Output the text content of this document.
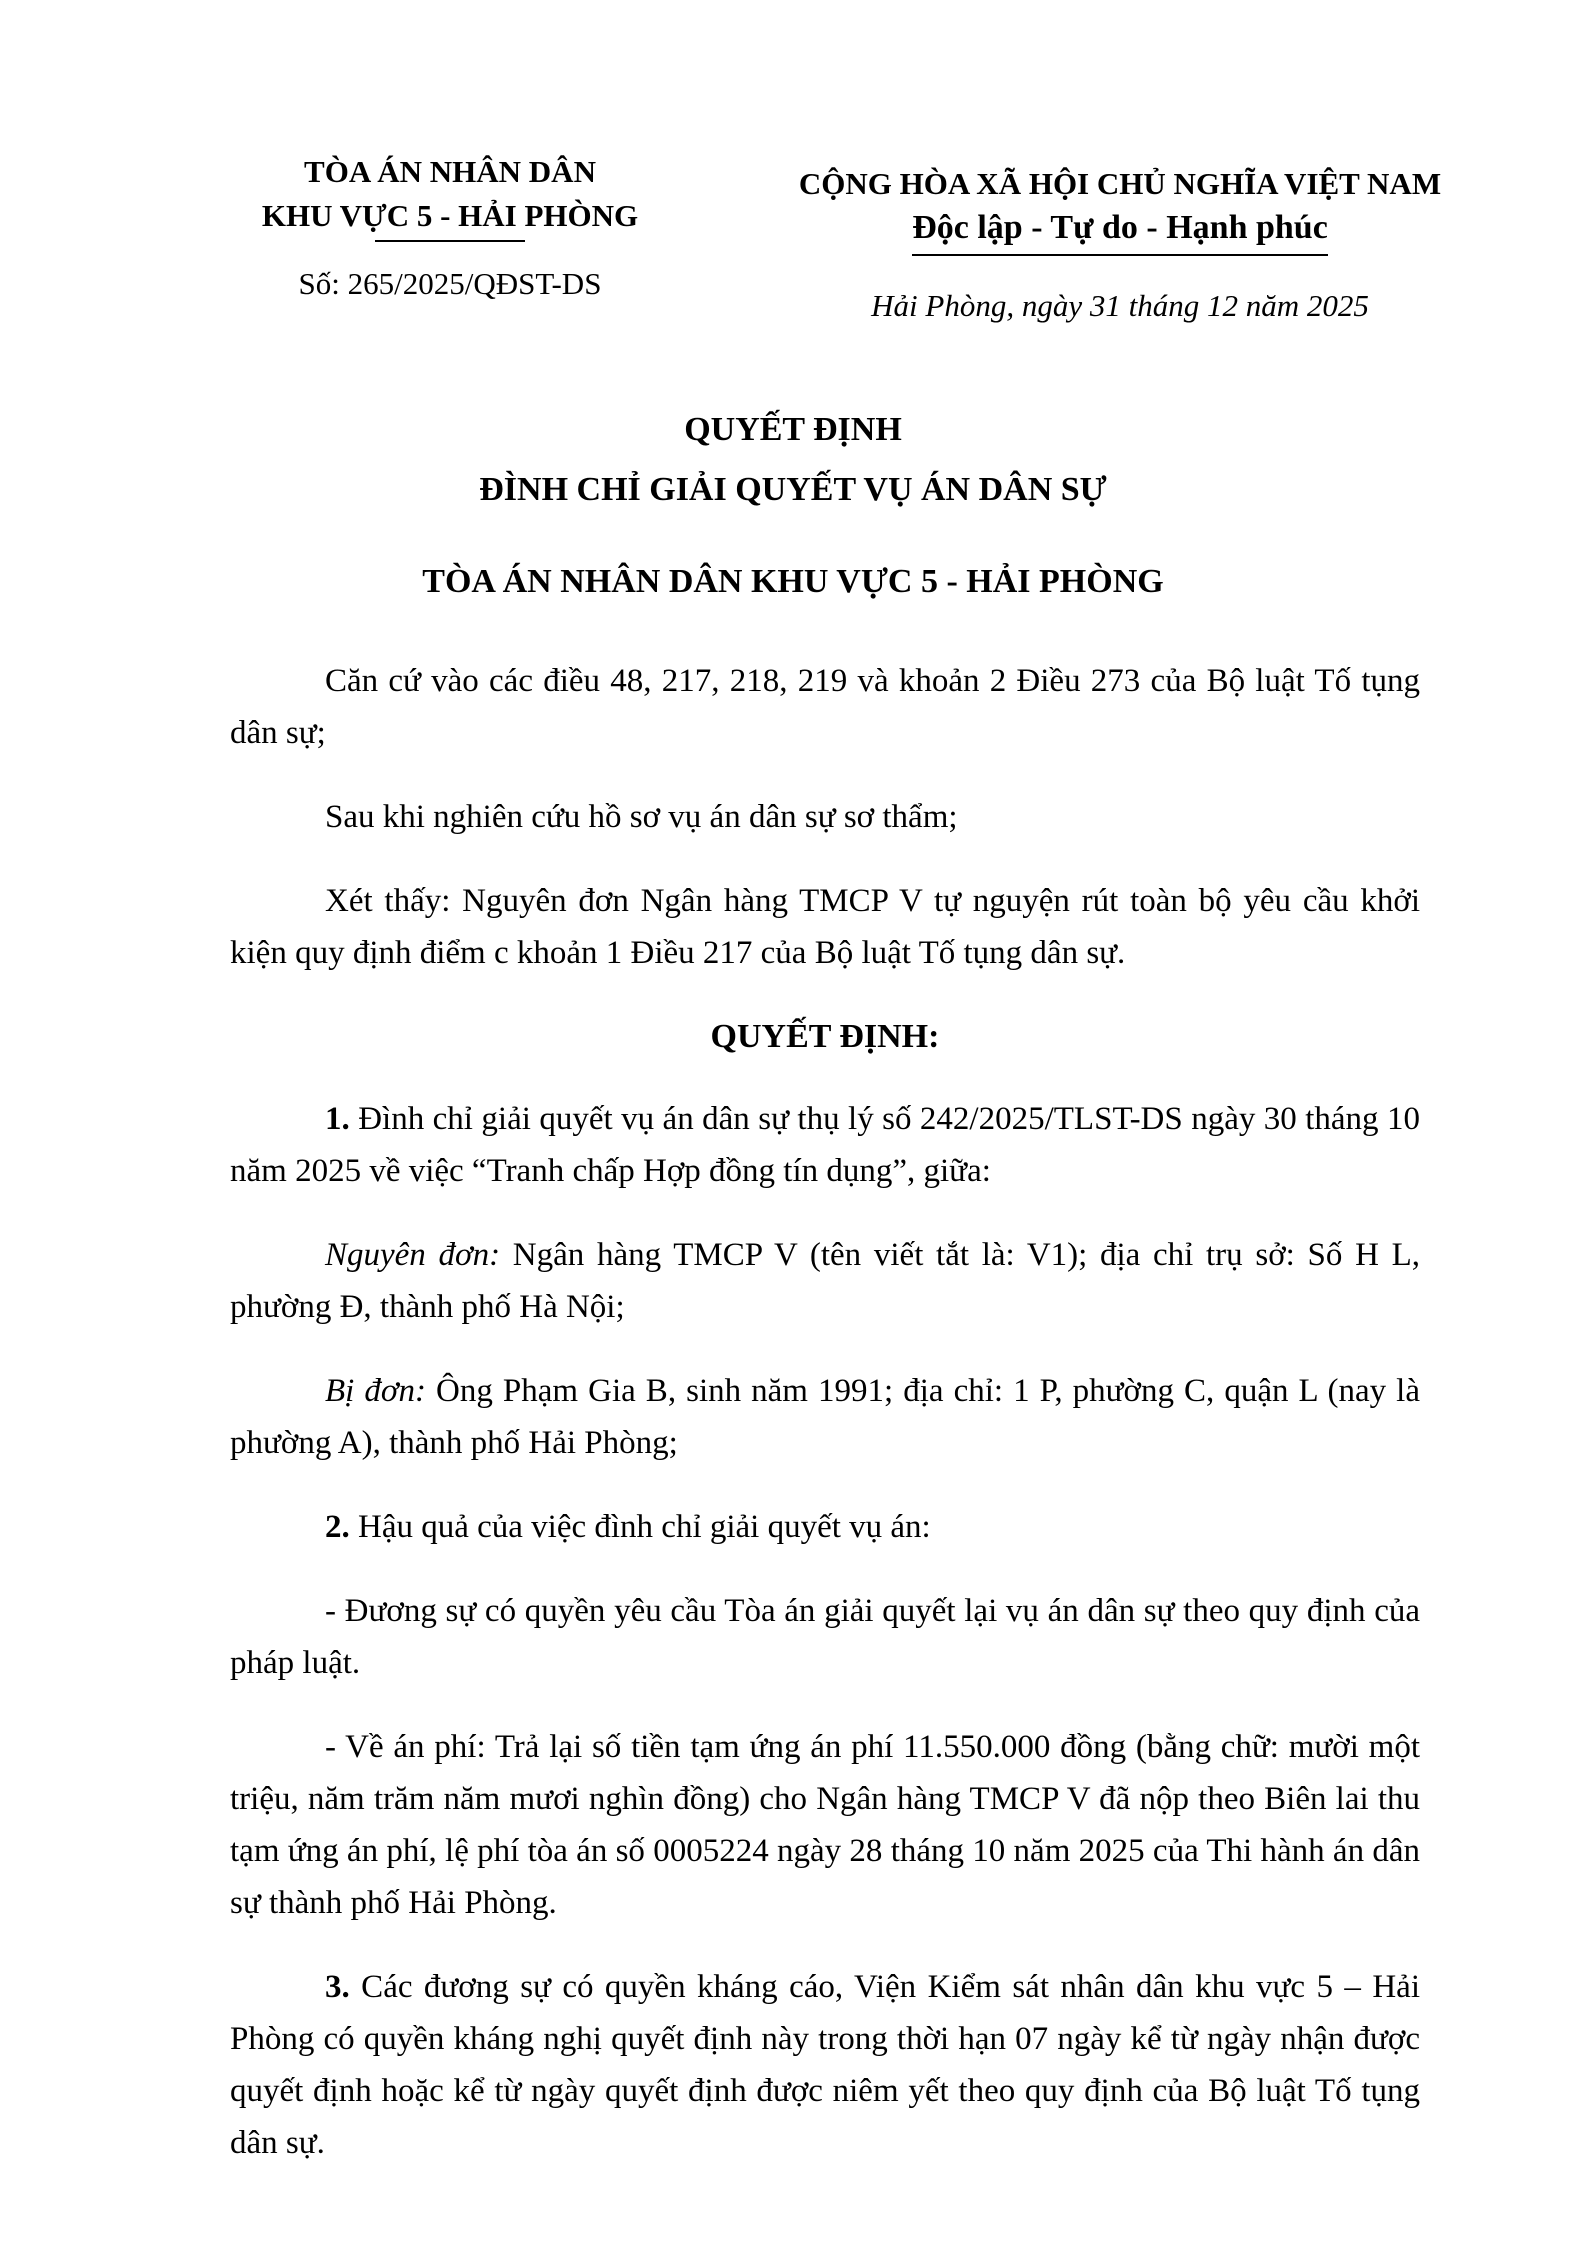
TÒA ÁN NHÂN DÂN
KHU VỰC 5 - HẢI PHÒNG
Số: 265/2025/QĐST-DS
CỘNG HÒA XÃ HỘI CHỦ NGHĨA VIỆT NAM
Độc lập - Tự do - Hạnh phúc
Hải Phòng, ngày 31 tháng 12 năm 2025
QUYẾT ĐỊNH
ĐÌNH CHỈ GIẢI QUYẾT VỤ ÁN DÂN SỰ
TÒA ÁN NHÂN DÂN KHU VỰC 5 - HẢI PHÒNG

Căn cứ vào các điều 48, 217, 218, 219 và khoản 2 Điều 273 của Bộ luật Tố tụng dân sự;

Sau khi nghiên cứu hồ sơ vụ án dân sự sơ thẩm;

Xét thấy: Nguyên đơn Ngân hàng TMCP V tự nguyện rút toàn bộ yêu cầu khởi kiện quy định điểm c khoản 1 Điều 217 của Bộ luật Tố tụng dân sự.

QUYẾT ĐỊNH:

1. Đình chỉ giải quyết vụ án dân sự thụ lý số 242/2025/TLST-DS ngày 30 tháng 10 năm 2025 về việc “Tranh chấp Hợp đồng tín dụng”, giữa:

Nguyên đơn: Ngân hàng TMCP V (tên viết tắt là: V1); địa chỉ trụ sở: Số H L, phường Đ, thành phố Hà Nội;

Bị đơn: Ông Phạm Gia B, sinh năm 1991; địa chỉ: 1 P, phường C, quận L (nay là phường A), thành phố Hải Phòng;

2. Hậu quả của việc đình chỉ giải quyết vụ án:

- Đương sự có quyền yêu cầu Tòa án giải quyết lại vụ án dân sự theo quy định của pháp luật.

- Về án phí: Trả lại số tiền tạm ứng án phí 11.550.000 đồng (bằng chữ: mười một triệu, năm trăm năm mươi nghìn đồng) cho Ngân hàng TMCP V đã nộp theo Biên lai thu tạm ứng án phí, lệ phí tòa án số 0005224 ngày 28 tháng 10 năm 2025 của Thi hành án dân sự thành phố Hải Phòng.

3. Các đương sự có quyền kháng cáo, Viện Kiểm sát nhân dân khu vực 5 – Hải Phòng có quyền kháng nghị quyết định này trong thời hạn 07 ngày kể từ ngày nhận được quyết định hoặc kể từ ngày quyết định được niêm yết theo quy định của Bộ luật Tố tụng dân sự.
